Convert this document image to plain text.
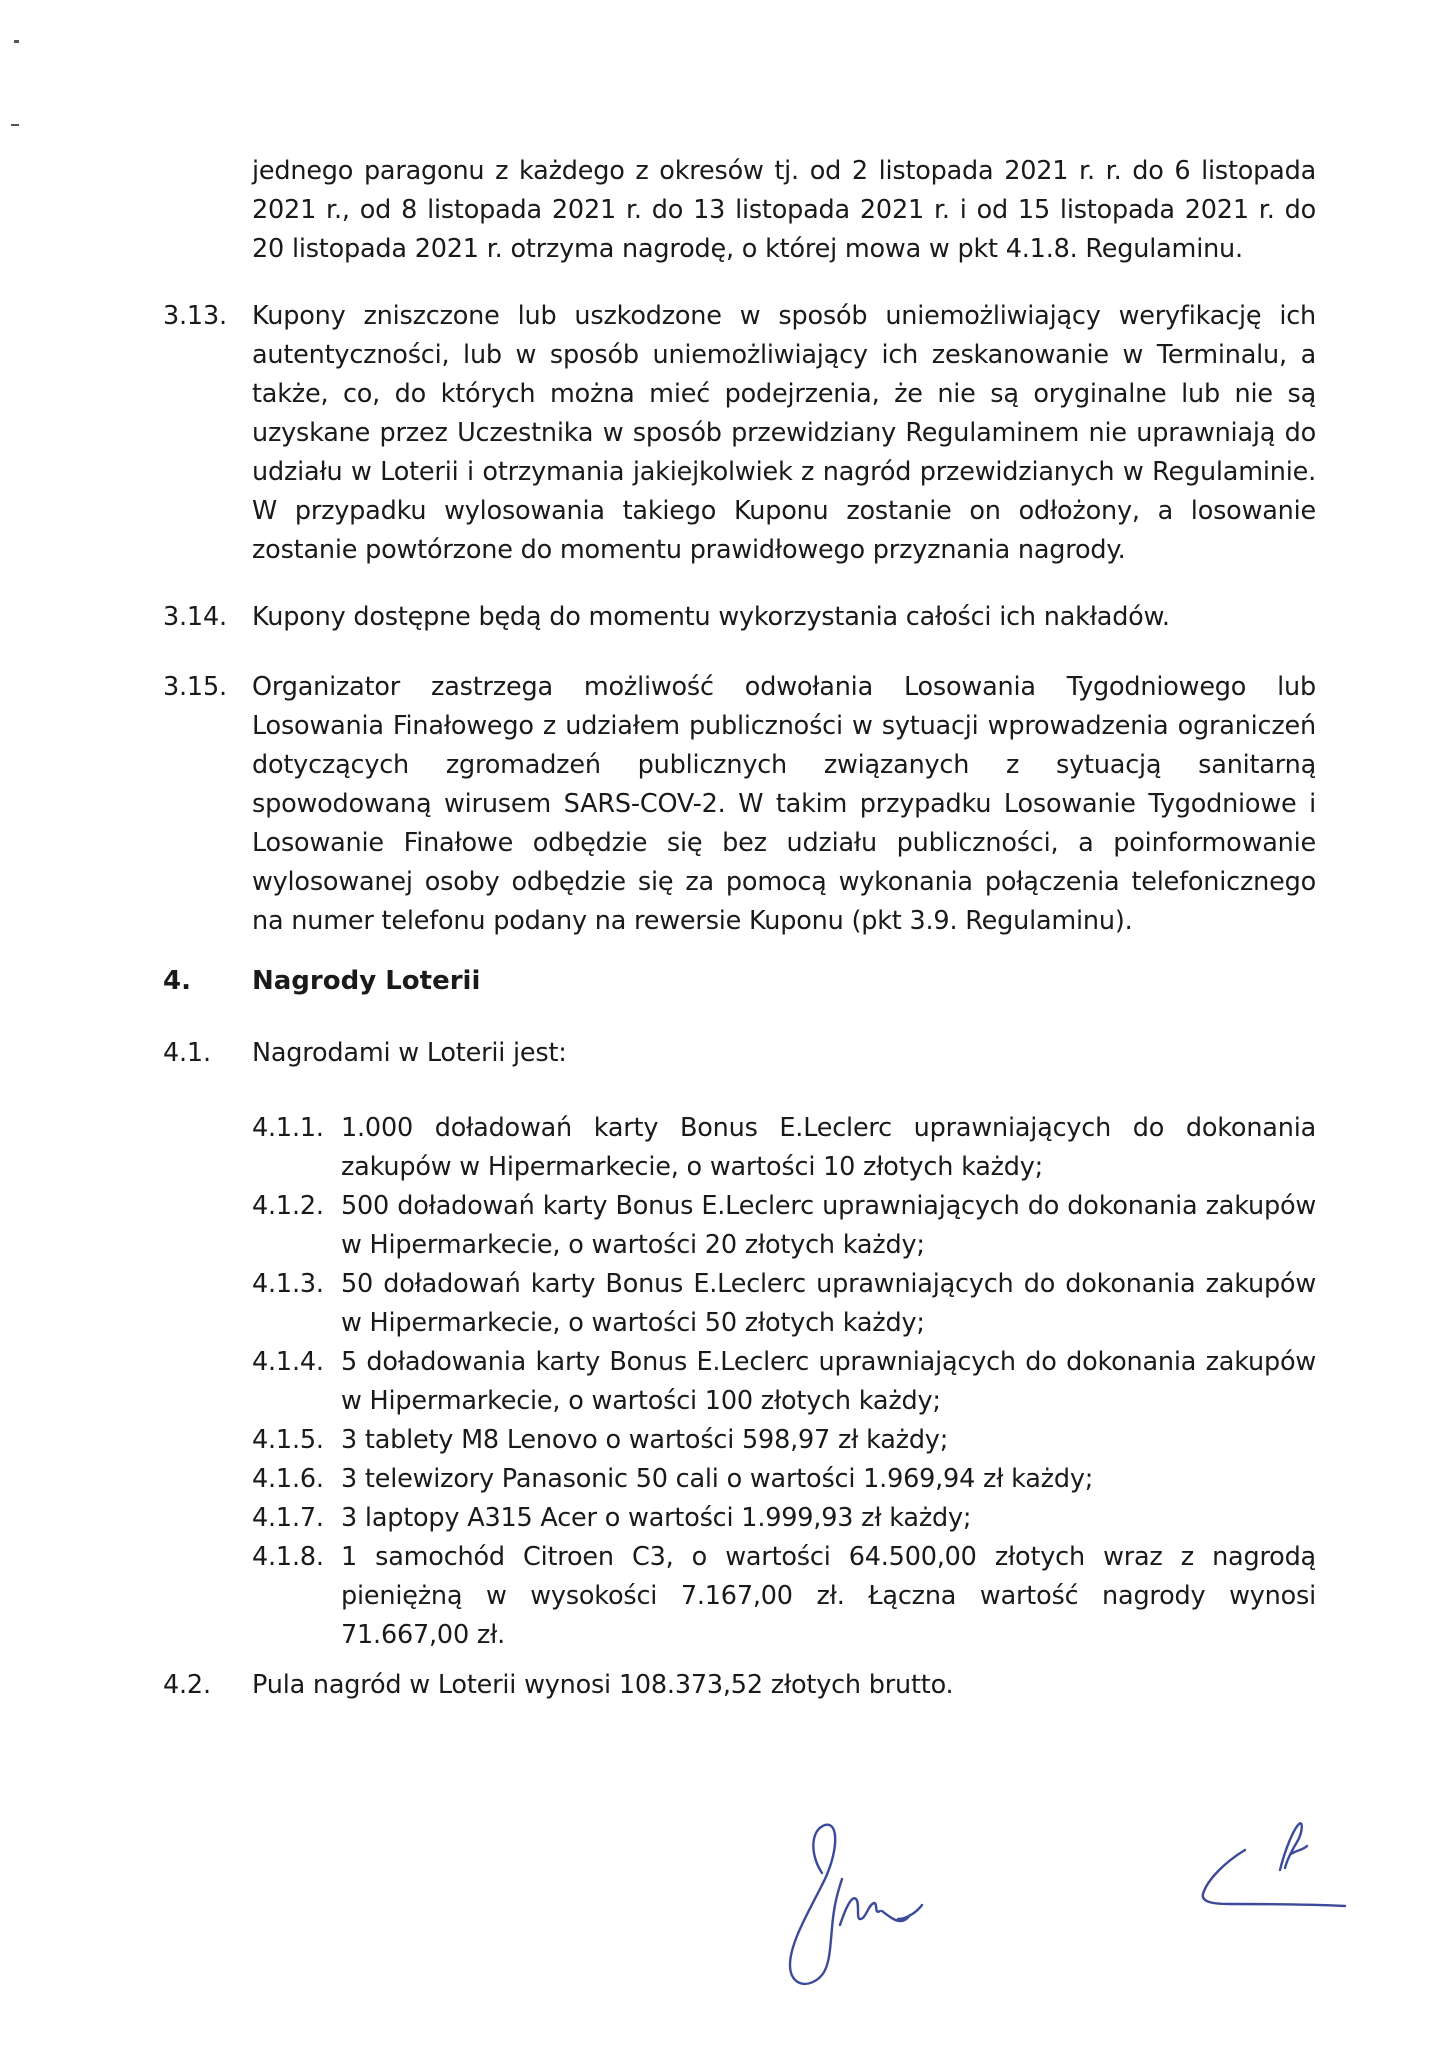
jednego paragonu z każdego z okresów tj. od 2 listopada 2021 r. r. do 6 listopada 2021 r., od 8 listopada 2021 r. do 13 listopada 2021 r. i od 15 listopada 2021 r. do 20 listopada 2021 r. otrzyma nagrodę, o której mowa w pkt 4.1.8. Regulaminu.
3.13. Kupony zniszczone lub uszkodzone w sposób uniemożliwiający weryfikację ich autentyczności, lub w sposób uniemożliwiający ich zeskanowanie w Terminalu, a także, co, do których można mieć podejrzenia, że nie są oryginalne lub nie są uzyskane przez Uczestnika w sposób przewidziany Regulaminem nie uprawniają do udziału w Loterii i otrzymania jakiejkolwiek z nagród przewidzianych w Regulaminie. W przypadku wylosowania takiego Kuponu zostanie on odłożony, a losowanie zostanie powtórzone do momentu prawidłowego przyznania nagrody.
3.14. Kupony dostępne będą do momentu wykorzystania całości ich nakładów.
3.15. Organizator zastrzega możliwość odwołania Losowania Tygodniowego lub Losowania Finałowego z udziałem publiczności w sytuacji wprowadzenia ograniczeń dotyczących zgromadzeń publicznych związanych z sytuacją sanitarną spowodowaną wirusem SARS-COV-2. W takim przypadku Losowanie Tygodniowe i Losowanie Finałowe odbędzie się bez udziału publiczności, a poinformowanie wylosowanej osoby odbędzie się za pomocą wykonania połączenia telefonicznego na numer telefonu podany na rewersie Kuponu (pkt 3.9. Regulaminu).
4. Nagrody Loterii
4.1. Nagrodami w Loterii jest:
4.1.1. 1.000 doładowań karty Bonus E.Leclerc uprawniających do dokonania zakupów w Hipermarkecie, o wartości 10 złotych każdy;
4.1.2. 500 doładowań karty Bonus E.Leclerc uprawniających do dokonania zakupów w Hipermarkecie, o wartości 20 złotych każdy;
4.1.3. 50 doładowań karty Bonus E.Leclerc uprawniających do dokonania zakupów w Hipermarkecie, o wartości 50 złotych każdy;
4.1.4. 5 doładowania karty Bonus E.Leclerc uprawniających do dokonania zakupów w Hipermarkecie, o wartości 100 złotych każdy;
4.1.5. 3 tablety M8 Lenovo o wartości 598,97 zł każdy;
4.1.6. 3 telewizory Panasonic 50 cali o wartości 1.969,94 zł każdy;
4.1.7. 3 laptopy A315 Acer o wartości 1.999,93 zł każdy;
4.1.8. 1 samochód Citroen C3, o wartości 64.500,00 złotych wraz z nagrodą pieniężną w wysokości 7.167,00 zł. Łączna wartość nagrody wynosi 71.667,00 zł.
4.2. Pula nagród w Loterii wynosi 108.373,52 złotych brutto.
